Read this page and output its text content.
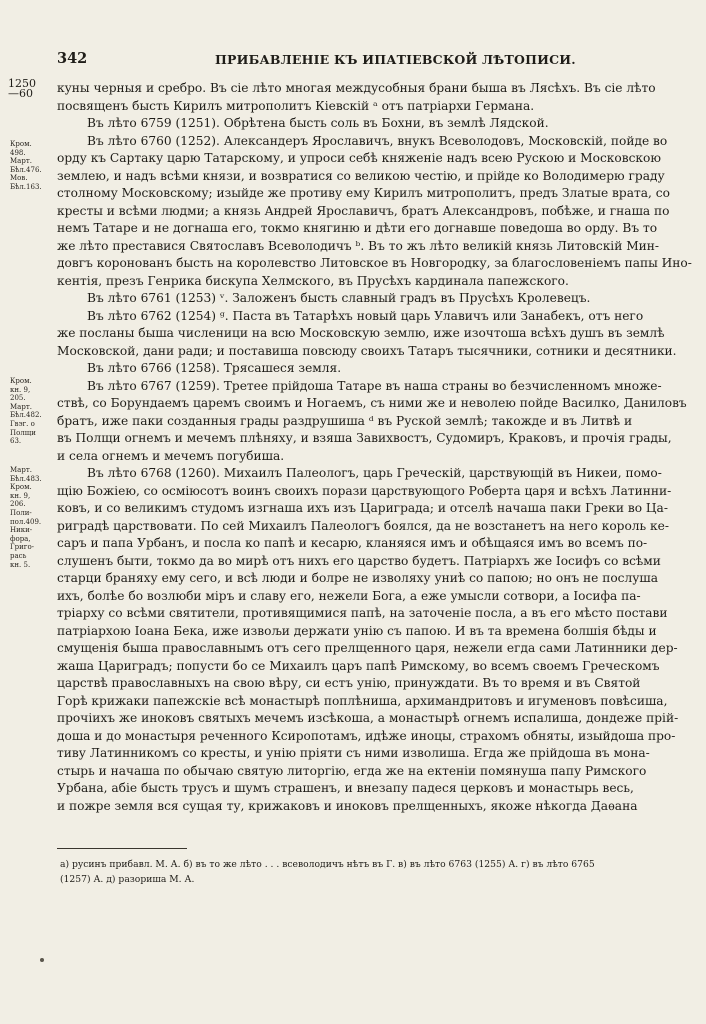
342	ПРИБАВЛЕНІЕ КЪ ИПАТІЕВСКОЙ ЛѢТОПИСИ.
Кром.
498.
Март.
Бѣл.476.
Мов.
Бѣл.163.
Кром.
кн. 9,
205.
Март.
Бѣл.482.
Гвэг. о
Полщи
63.
Март.
Бѣл.483.
Кром.
кн. 9,
206.
Поли-
пол.409.
Ники-
фора,
Григо-
рась
кн. 5.
1250
—60	куны черныя и сребро. Въ сіе лѣто многая междусобныя брани быша въ Лясѣхъ. Въ сіе лѣто
посвященъ бысть Кирилъ митрополитъ Кіевскій ᵃ отъ патріархи Германа.
Въ лѣто 6759 (1251). Обрѣтена бысть соль въ Бохни, въ землѣ Лядской.
Въ лѣто 6760 (1252). Александеръ Ярославичъ, внукъ Всеволодовъ, Московскій, пойде во
орду къ Сартаку царю Татарскому, и упроси себѣ княженіе надъ всею Рускою и Московскою
землею, и надъ всѣми князи, и возвратися со великою честію, и прійде ко Володимерю граду
столному Московскому; изыйде же противу ему Кирилъ митрополитъ, предъ Златые врата, со
кресты и всѣми людми; а князь Андрей Ярославичъ, братъ Александровъ, побѣже, и гнаша по
немъ Татаре и не догнаша его, токмо княгиню и дѣти его догнавше поведоша во орду. Въ то
же лѣто преставися Святославъ Всеволодичъ ᵇ. Въ то жъ лѣто великій князь Литовскій Мин-
довгъ коронованъ бысть на королевство Литовское въ Новгородку, за благословеніемъ папы Ино-
кентія, презъ Генрика бискупа Хелмского, въ Прусѣхъ кардинала папежского.
Въ лѣто 6761 (1253) ᵛ. Заложенъ бысть славный градъ въ Прусѣхъ Кролевецъ.
Въ лѣто 6762 (1254) ᵍ. Паста въ Татарѣхъ новый царь Улавичъ или Занабекъ, отъ него
же посланы быша численици на всю Московскую землю, иже изочтоша всѣхъ душъ въ землѣ
Московской, дани ради; и поставиша повсюду своихъ Татаръ тысячники, сотники и десятники.
Въ лѣто 6766 (1258). Трясашеся земля.
Въ лѣто 6767 (1259). Третее прійдоша Татаре въ наша страны во безчисленномъ множе-
ствѣ, со Борундаемъ царемъ своимъ и Ногаемъ, съ ними же и неволею пойде Василко, Даниловъ
братъ, иже паки созданныя грады раздрушиша ᵈ въ Руской землѣ; такожде и въ Литвѣ и
въ Полщи огнемъ и мечемъ плѣняху, и взяша Завихвостъ, Судомиръ, Краковъ, и прочія грады,
и села огнемъ и мечемъ погубиша.
Въ лѣто 6768 (1260). Михаилъ Палеологъ, царь Греческій, царствующій въ Никеи, помо-
щію Божіею, со осміюсотъ воинъ своихъ порази царствующого Роберта царя и всѣхъ Латинни-
ковъ, и со великимъ студомъ изгнаша ихъ изъ Цариграда; и отселѣ начаша паки Греки во Ца-
риградѣ царствовати. По сей Михаилъ Палеологъ боялся, да не возстанетъ на него король ке-
саръ и папа Урбанъ, и посла ко папѣ и кесарю, кланяяся имъ и обѣщаяся имъ во всемъ по-
слушенъ быти, токмо да во мирѣ отъ нихъ его царство будетъ. Патріархъ же Іосифъ со всѣми
старци браняху ему сего, и всѣ люди и болре не изволяху униѣ со папою; но онъ не послуша
ихъ, болѣе бо возлюби міръ и славу его, нежели Бога, а еже умысли сотвори, а Іосифа па-
тріарху со всѣми святители, противящимися папѣ, на заточеніе посла, а въ его мѣсто постави
патріархою Іоана Бека, иже извољи держати унію съ папою. И въ та времена болшія бѣды и
смущенія быша православнымъ отъ сего прелщенного царя, нежели егда сами Латинники дер-
жаша Цариградъ; попусти бо се Михаилъ царъ папѣ Римскому, во всемъ своемъ Греческомъ
царствѣ православныхъ на свою вѣру, си естъ унію, принуждати. Въ то время и въ Святой
Горѣ крижаки папежскіе всѣ монастырѣ поплѣниша, архимандритовъ и игуменовъ повѣсиша,
прочіихъ же иноковъ святыхъ мечемъ изсѣкоша, а монастырѣ огнемъ испалиша, дондеже прій-
доша и до монастыря реченного Ксиропотамъ, идѣже иноцы, страхомъ обняты, изыйдоша про-
тиву Латинникомъ со кресты, и унію пріяти съ ними изволиша. Егда же прійдоша въ мона-
стырь и начаша по обычаю святую литоргію, егда же на ектеніи помянуша папу Римского
Урбана, абіе бысть трусъ и шумъ страшенъ, и внезапу падеся церковъ и монастырь весь,
и пожре земля вся сущая ту, крижаковъ и иноковъ прелщенныхъ, якоже нѣкогда Даѳана
а) русинъ прибавл. М. А. б) въ то же лѣто . . . всеволодичъ нѣтъ въ Г. в) въ лѣто 6763 (1255) А. г) въ лѣто 6765
(1257) А. д) разориша М. А.
